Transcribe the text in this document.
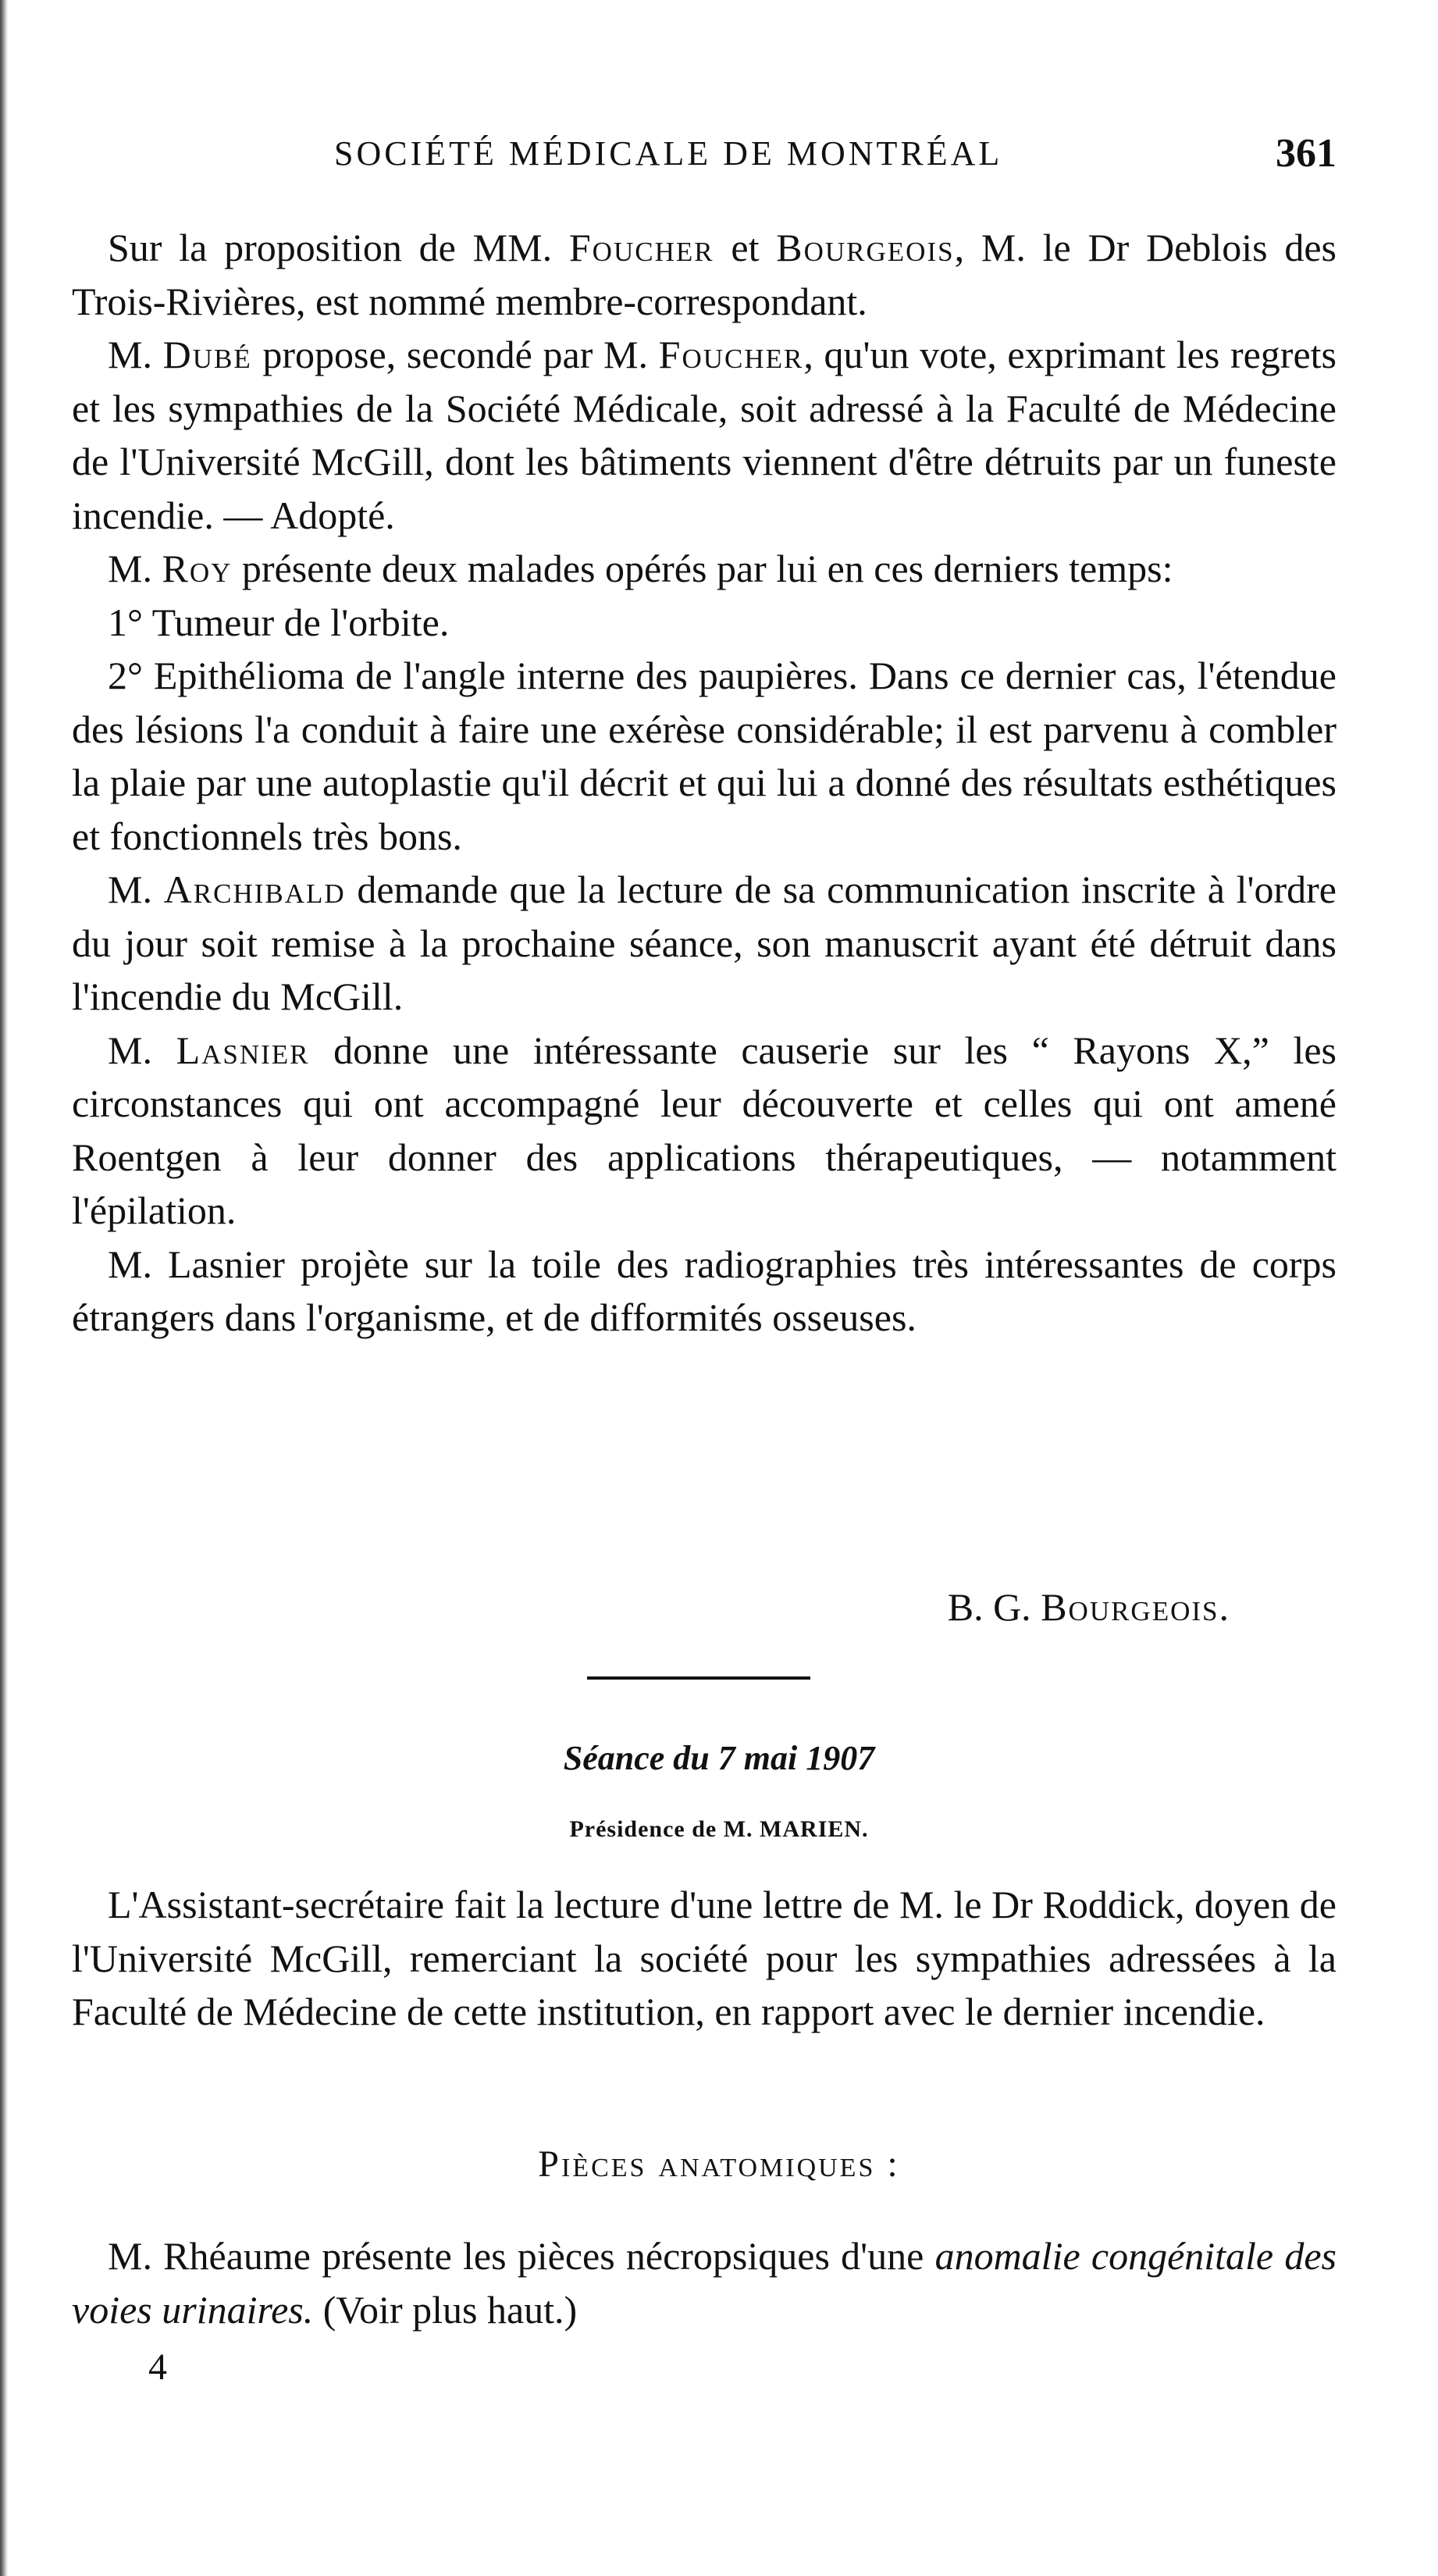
SOCIÉTÉ MÉDICALE DE MONTRÉAL	361

Sur la proposition de MM. Foucher et Bourgeois, M. le Dr Deblois des Trois-Rivières, est nommé membre-correspondant.

M. Dubé propose, secondé par M. Foucher, qu'un vote, exprimant les regrets et les sympathies de la Société Médicale, soit adressé à la Faculté de Médecine de l'Université McGill, dont les bâtiments viennent d'être détruits par un funeste incendie. — Adopté.

M. Roy présente deux malades opérés par lui en ces derniers temps:

1° Tumeur de l'orbite.

2° Epithélioma de l'angle interne des paupières. Dans ce dernier cas, l'étendue des lésions l'a conduit à faire une exérèse considérable; il est parvenu à combler la plaie par une autoplastie qu'il décrit et qui lui a donné des résultats esthétiques et fonctionnels très bons.

M. Archibald demande que la lecture de sa communication inscrite à l'ordre du jour soit remise à la prochaine séance, son manuscrit ayant été détruit dans l'incendie du McGill.

M. Lasnier donne une intéressante causerie sur les “ Rayons X,” les circonstances qui ont accompagné leur découverte et celles qui ont amené Roentgen à leur donner des applications thérapeutiques, — notamment l'épilation.

M. Lasnier projète sur la toile des radiographies très intéressantes de corps étrangers dans l'organisme, et de difformités osseuses.

B. G. Bourgeois.
Séance du 7 mai 1907
Présidence de M. MARIEN.

L'Assistant-secrétaire fait la lecture d'une lettre de M. le Dr Roddick, doyen de l'Université McGill, remerciant la société pour les sympathies adressées à la Faculté de Médecine de cette institution, en rapport avec le dernier incendie.

Pièces anatomiques :

M. Rhéaume présente les pièces nécropsiques d'une anomalie congénitale des voies urinaires. (Voir plus haut.)

4
